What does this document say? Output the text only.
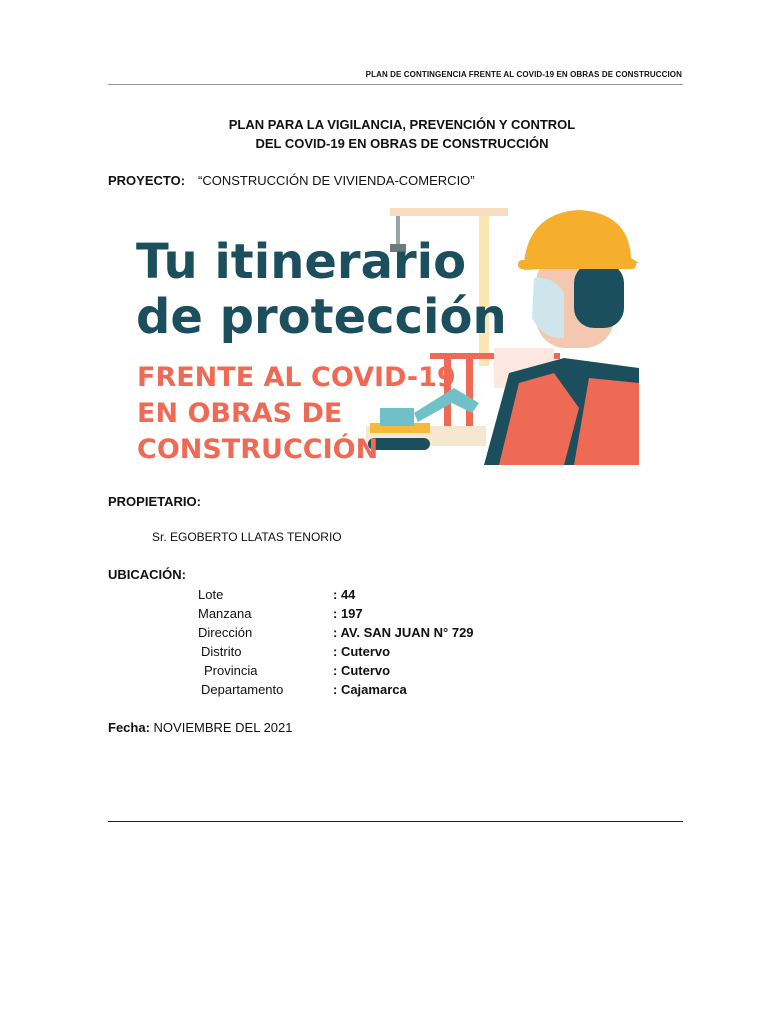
PLAN DE CONTINGENCIA FRENTE AL COVID-19 EN OBRAS DE CONSTRUCCION
PLAN PARA LA VIGILANCIA, PREVENCIÓN Y CONTROL
DEL COVID-19 EN OBRAS DE CONSTRUCCIÓN
PROYECTO: “CONSTRUCCIÓN DE VIVIENDA-COMERCIO”
Tu itinerario
de protección
FRENTE AL COVID-19
EN OBRAS DE
CONSTRUCCIÓN
PROPIETARIO:
Sr. EGOBERTO LLATAS TENORIO
UBICACIÓN:
Lote	: 44
Manzana	: 197
Dirección	: AV. SAN JUAN N° 729
Distrito	: Cutervo
Provincia	: Cutervo
Departamento	: Cajamarca
Fecha: NOVIEMBRE DEL 2021
